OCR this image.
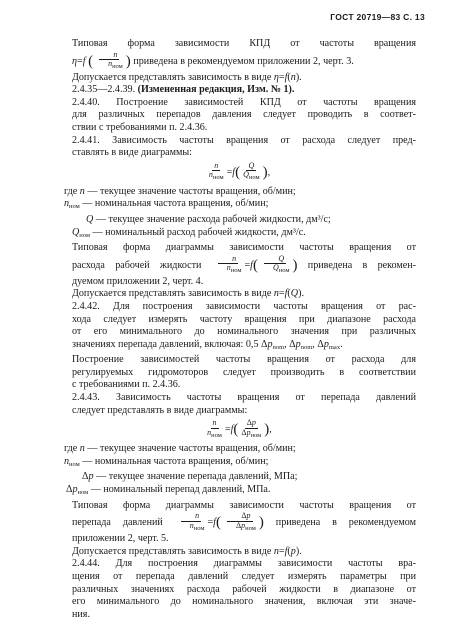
ГОСТ 20719—83 С. 13
Типовая форма зависимости КПД от частоты вращения
η=f ( $\frac{n}{n_{ном}}$ ) приведена в рекомендуемом приложении 2, черт. 3.
Допускается представлять зависимость в виде η=f(n).
2.4.35—2.4.39. (Измененная редакция, Изм. № 1).
2.4.40. Построение зависимостей КПД от частоты вращения
для различных перепадов давления следует проводить в соответ-
ствии с требованиями п. 2.4.36.
2.4.41. Зависимость частоты вращения от расхода следует пред-
ставлять в виде диаграммы:
$\frac{n}{n_{ном}} =f( \frac{Q}{Q_{ном}}$ ),
где n — текущее значение частоты вращения, об/мин;
$n_{ном}$ — номинальная частота вращения, об/мин;
Q — текущее значение расхода рабочей жидкости, дм³/с;
$Q_{ном}$ — номинальный расход рабочей жидкости, дм³/с.
Типовая форма диаграммы зависимости частоты вращения от
расхода рабочей жидкости $\frac{n}{n_{ном}} =f( \frac{Q}{Q_{ном}}$ ) приведена в рекомен-
дуемом приложении 2, черт. 4.
Допускается представлять зависимость в виде n=f(Q).
2.4.42. Для построения зависимости частоты вращения от рас-
хода следует измерять частоту вращения при диапазоне расхода
от его минимального до номинального значения при различных
значениях перепада давлений, включая: 0,5 $\Delta p_{nom}$, $\Delta p_{nom}$, $\Delta p_{max}$.
Построение зависимостей частоты вращения от расхода для
регулируемых гидромоторов следует производить в соответствии
с требованиями п. 2.4.36.
2.4.43. Зависимость частоты вращения от перепада давлений
следует представлять в виде диаграммы:
$\frac{n}{n_{ном}} =f( \frac{\Delta p}{\Delta p_{ном}}$ ),
где n — текущее значение частоты вращения, об/мин;
$n_{ном}$ — номинальная частота вращения, об/мин;
Δp — текущее значение перепада давлений, МПа;
$\Delta p_{ном}$ — номинальный перепад давлений, МПа.
Типовая форма диаграммы зависимости частоты вращения от
перепада давлений $\frac{n}{n_{ном}} =f( \frac{\Delta p}{\Delta p_{ном}}$ ) приведена в рекомендуемом
приложении 2, черт. 5.
Допускается представлять зависимость в виде n=f(p).
2.4.44. Для построения диаграммы зависимости частоты вра-
щения от перепада давлений следует измерять параметры при
различных значениях расхода рабочей жидкости в диапазоне от
его минимального до номинального значения, включая эти значе-
ния.
